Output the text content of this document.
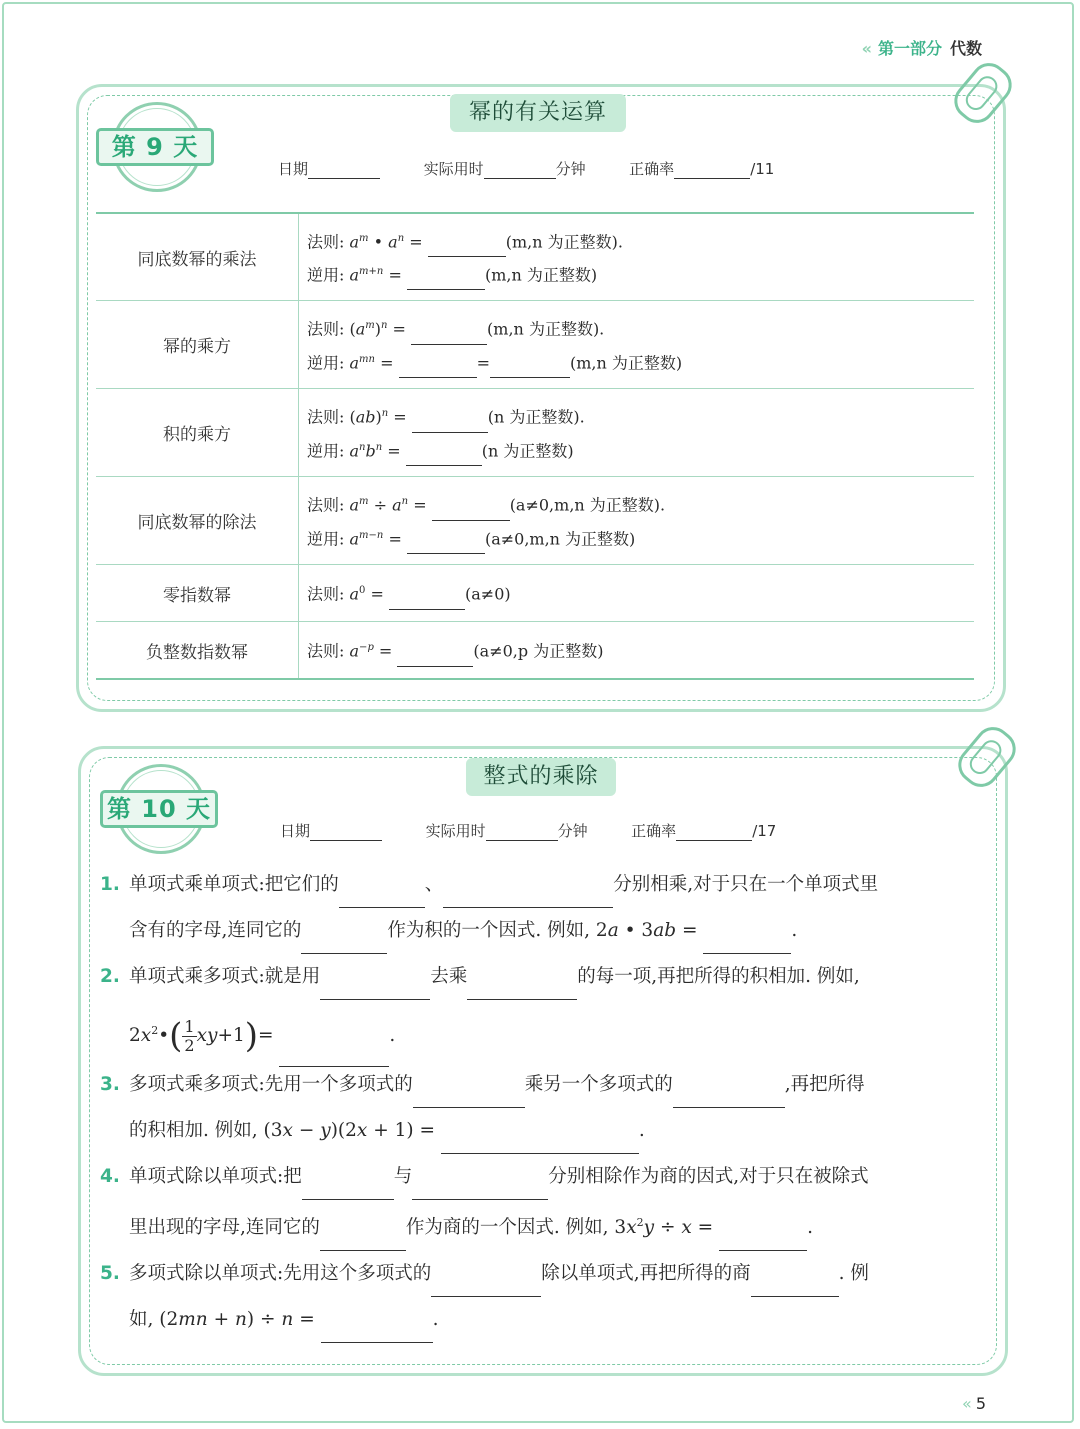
« 第一部分 代数
第 9 天
幂的有关运算
日期	实际用时	分钟	正确率	/11
同底数幂的乘法
法则: $a^m$ • $a^n$ =	(m,n 为正整数).
逆用: $a^{m+n}$ =	(m,n 为正整数)
幂的乘方
法则: $(a^m)^n$ =	(m,n 为正整数).
逆用: $a^{mn}$ =	=	(m,n 为正整数)
积的乘方
法则: (ab)$^n$ =	(n 为正整数).
逆用: $a^nb^n$ =	(n 为正整数)
同底数幂的除法
法则: $a^m \div a^n$ =	(a≠0,m,n 为正整数).
逆用: $a^{m-n}$ =	(a≠0,m,n 为正整数)
零指数幂	法则: $a^0$ =	(a≠0)
负整数指数幂	法则: $a^{-p}$ =	(a≠0,p 为正整数)
第 10 天
整式的乘除
日期	实际用时	分钟	正确率	/17
1. 单项式乘单项式:把它们的	、	分别相乘,对于只在一个单项式里
含有的字母,连同它的	作为积的一个因式. 例如, 2a • 3ab =	.
2. 单项式乘多项式:就是用	去乘	的每一项,再把所得的积相加. 例如,
$2x^2•( \frac{1}{2} xy+1)=$	.
3. 多项式乘多项式:先用一个多项式的	乘另一个多项式的	,再把所得
的积相加. 例如, (3x − y)(2x + 1) =	.
4. 单项式除以单项式:把	与	分别相除作为商的因式,对于只在被除式
里出现的字母,连同它的	作为商的一个因式. 例如, $3x^2y \div x$ =	.
5. 多项式除以单项式:先用这个多项式的	除以单项式,再把所得的商	. 例
如, (2mn + n) ÷ n =	.
« 5
